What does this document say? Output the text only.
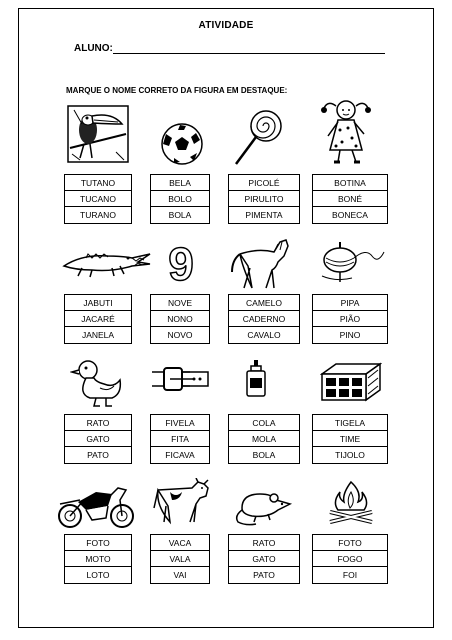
ATIVIDADE
ALUNO:
MARQUE O NOME CORRETO DA FIGURA EM DESTAQUE:
TUTANO
TUCANO
TURANO
BELA
BOLO
BOLA
PICOLÉ
PIRULITO
PIMENTA
BOTINA
BONÉ
BONECA
9
JABUTI
JACARÉ
JANELA
NOVE
NONO
NOVO
CAMELO
CADERNO
CAVALO
PIPA
PIÃO
PINO
RATO
GATO
PATO
FIVELA
FITA
FICAVA
COLA
MOLA
BOLA
TIGELA
TIME
TIJOLO
FOTO
MOTO
LOTO
VACA
VALA
VAI
RATO
GATO
PATO
FOTO
FOGO
FOI
